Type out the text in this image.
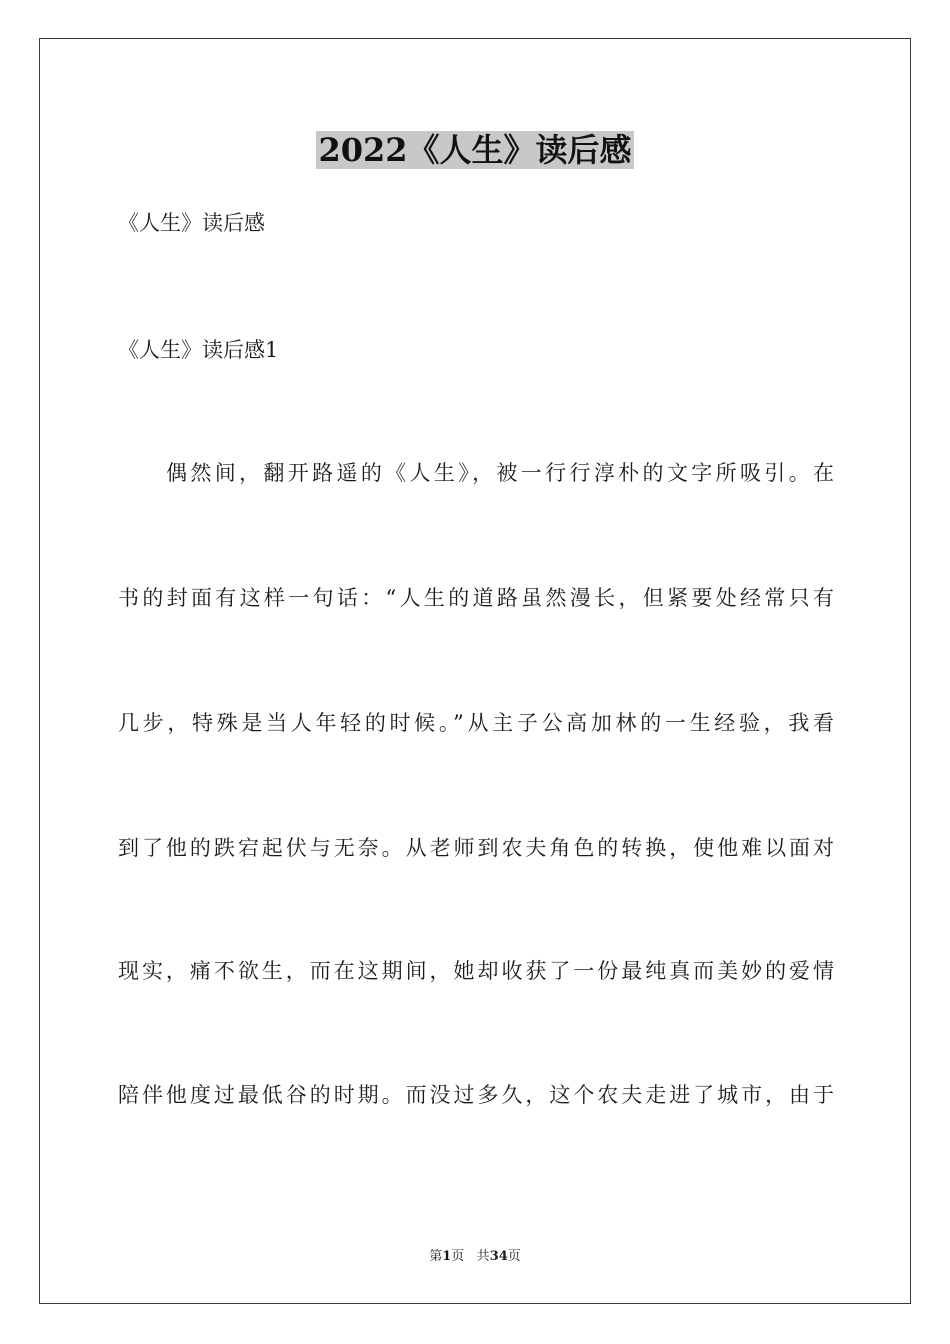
2022《人生》读后感
《人生》读后感
《人生》读后感1
偶然间，翻开路遥的《人生》，被一行行淳朴的文字所吸引。在
书的封面有这样一句话：“人生的道路虽然漫长，但紧要处经常只有
几步，特殊是当人年轻的时候。”从主子公高加林的一生经验，我看
到了他的跌宕起伏与无奈。从老师到农夫角色的转换，使他难以面对
现实，痛不欲生，而在这期间，她却收获了一份最纯真而美妙的爱情
陪伴他度过最低谷的时期。而没过多久，这个农夫走进了城市，由于
第1页 共34页
